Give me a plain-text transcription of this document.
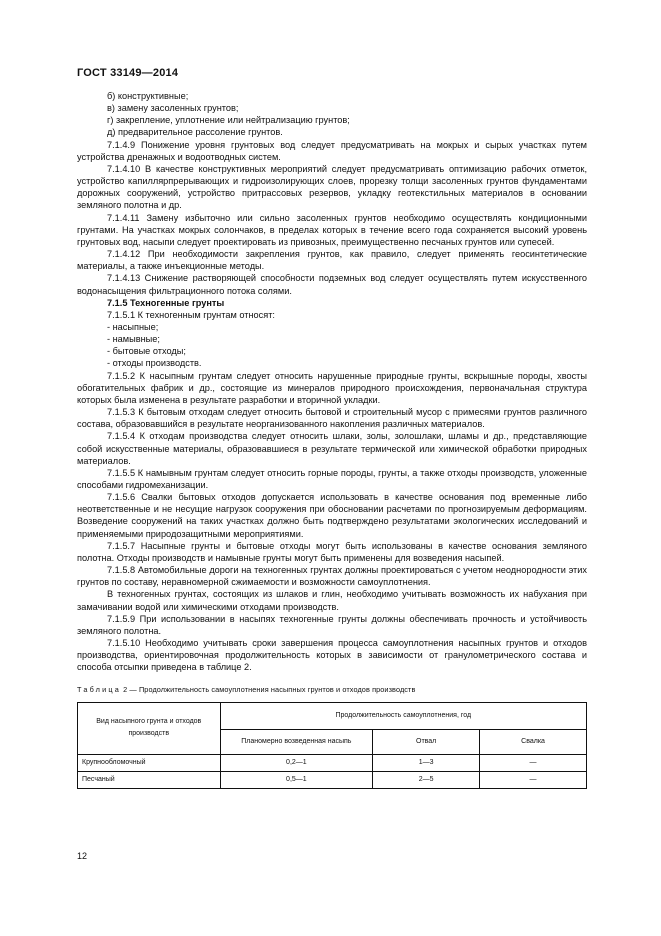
ГОСТ 33149—2014

б) конструктивные;

в) замену засоленных грунтов;

г) закрепление, уплотнение или нейтрализацию грунтов;

д) предварительное рассоление грунтов.

7.1.4.9 Понижение уровня грунтовых вод следует предусматривать на мокрых и сырых участках путем устройства дренажных и водоотводных систем.

7.1.4.10 В качестве конструктивных мероприятий следует предусматривать оптимизацию рабочих отметок, устройство капиллярпрерывающих и гидроизолирующих слоев, прорезку толщи засоленных грунтов фундаментами дорожных сооружений, устройство притрассовых резервов, укладку геотекстильных материалов в основании земляного полотна и др.

7.1.4.11 Замену избыточно или сильно засоленных грунтов необходимо осуществлять кондиционными грунтами. На участках мокрых солончаков, в пределах которых в течение всего года сохраняется высокий уровень грунтовых вод, насыпи следует проектировать из привозных, преимущественно песчаных грунтов или супесей.

7.1.4.12 При необходимости закрепления грунтов, как правило, следует применять геосинтетические материалы, а также инъекционные методы.

7.1.4.13 Снижение растворяющей способности подземных вод следует осуществлять путем искусственного водонасыщения фильтрационного потока солями.

7.1.5 Техногенные грунты

7.1.5.1 К техногенным грунтам относят:

- насыпные;

- намывные;

- бытовые отходы;

- отходы производств.

7.1.5.2 К насыпным грунтам следует относить нарушенные природные грунты, вскрышные породы, хвосты обогатительных фабрик и др., состоящие из минералов природного происхождения, первоначальная структура которых была изменена в результате разработки и вторичной укладки.

7.1.5.3 К бытовым отходам следует относить бытовой и строительный мусор с примесями грунтов различного состава, образовавшийся в результате неорганизованного накопления различных материалов.

7.1.5.4 К отходам производства следует относить шлаки, золы, золошлаки, шламы и др., представляющие собой искусственные материалы, образовавшиеся в результате термической или химической обработки природных материалов.

7.1.5.5 К намывным грунтам следует относить горные породы, грунты, а также отходы производств, уложенные способами гидромеханизации.

7.1.5.6 Свалки бытовых отходов допускается использовать в качестве основания под временные либо неответственные и не несущие нагрузок сооружения при обосновании расчетами по прогнозируемым деформациям. Возведение сооружений на таких участках должно быть подтверждено результатами экологических исследований и применяемыми природозащитными мероприятиями.

7.1.5.7 Насыпные грунты и бытовые отходы могут быть использованы в качестве основания земляного полотна. Отходы производств и намывные грунты могут быть применены для возведения насыпей.

7.1.5.8 Автомобильные дороги на техногенных грунтах должны проектироваться с учетом неоднородности этих грунтов по составу, неравномерной сжимаемости и возможности самоуплотнения.

В техногенных грунтах, состоящих из шлаков и глин, необходимо учитывать возможность их набухания при замачивании водой или химическими отходами производств.

7.1.5.9 При использовании в насыпях техногенные грунты должны обеспечивать прочность и устойчивость земляного полотна.

7.1.5.10 Необходимо учитывать сроки завершения процесса самоуплотнения насыпных грунтов и отходов производства, ориентировочная продолжительность которых в зависимости от гранулометрического состава и способа отсыпки приведена в таблице 2.

Таблица 2 — Продолжительность самоуплотнения насыпных грунтов и отходов производств
Вид насыпного грунта и отходов производств	Продолжительность самоуплотнения, год		
	Планомерно возведенная насыпь	Отвал	Свалка
Крупнообломочный	0,2—1	1—3	—
Песчаный	0,5—1	2—5	—
12
